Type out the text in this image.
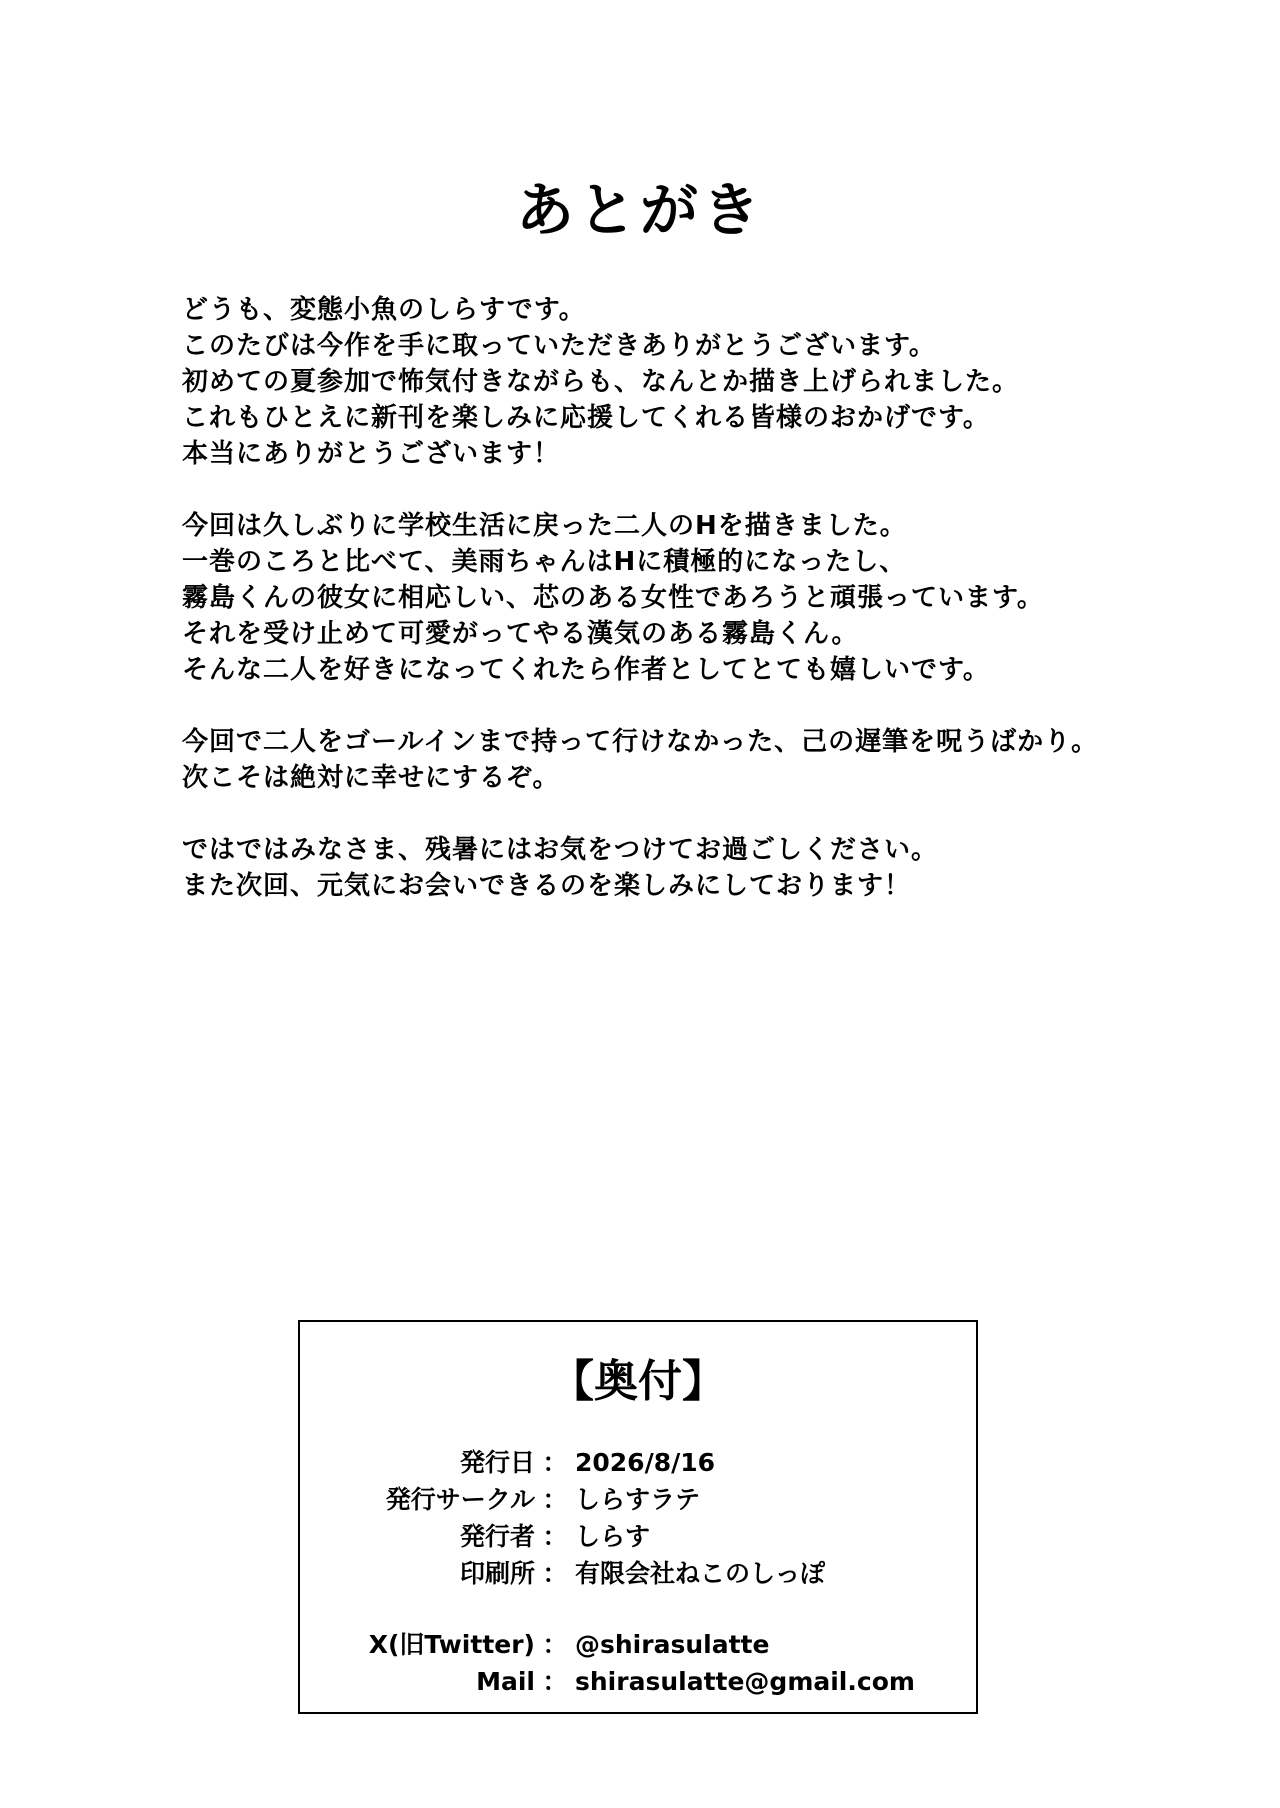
あとがき
どうも、変態小魚のしらすです。
このたびは今作を手に取っていただきありがとうございます。
初めての夏参加で怖気付きながらも、なんとか描き上げられました。
これもひとえに新刊を楽しみに応援してくれる皆様のおかげです。
本当にありがとうございます！
今回は久しぶりに学校生活に戻った二人のHを描きました。
一巻のころと比べて、美雨ちゃんはHに積極的になったし、
霧島くんの彼女に相応しい、芯のある女性であろうと頑張っています。
それを受け止めて可愛がってやる漢気のある霧島くん。
そんな二人を好きになってくれたら作者としてとても嬉しいです。
今回で二人をゴールインまで持って行けなかった、己の遅筆を呪うばかり。
次こそは絶対に幸せにするぞ。
ではではみなさま、残暑にはお気をつけてお過ごしください。
また次回、元気にお会いできるのを楽しみにしております！
【奥付】
発行日 ： 2026/8/16
発行サークル ： しらすラテ
発行者 ： しらす
印刷所 ： 有限会社ねこのしっぽ
X(旧Twitter) ： @shirasulatte
Mail ： shirasulatte@gmail.com
